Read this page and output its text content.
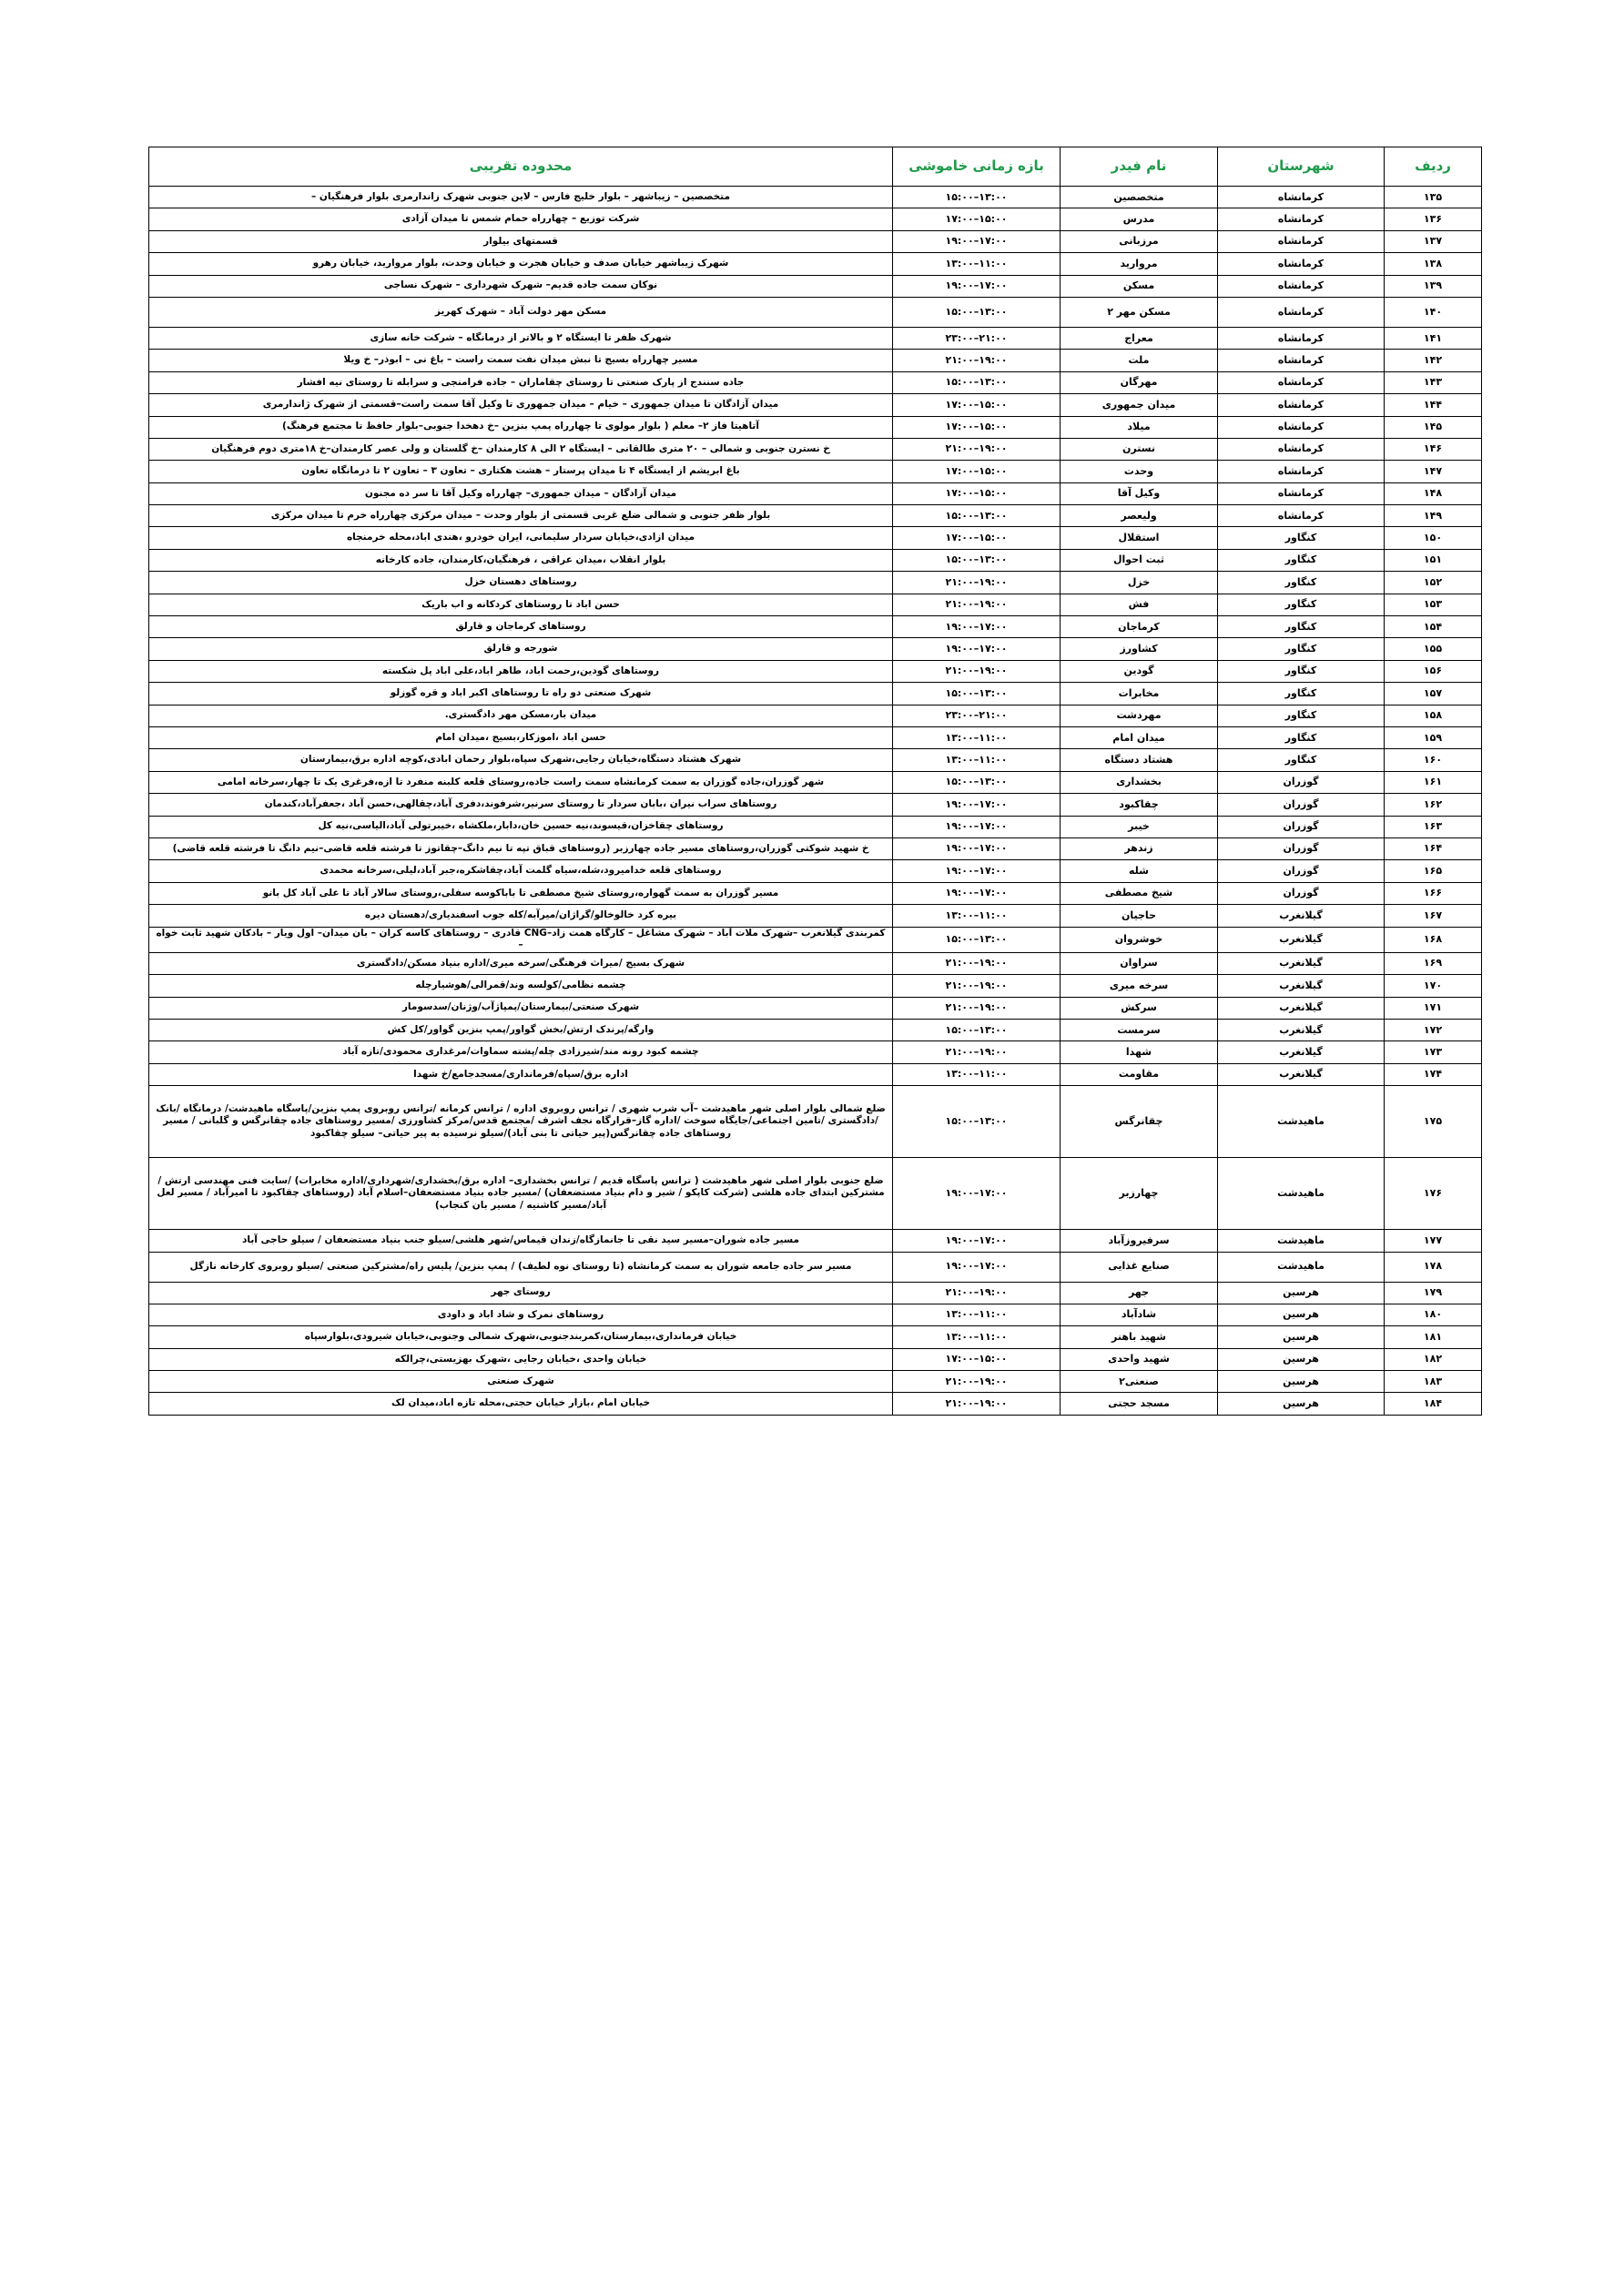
ردیف	شهرستان	نام فیدر	بازه زمانی خاموشی	محدوده تقریبی
۱۳۵	کرمانشاه	متخصصین	۱۳:۰۰–۱۵:۰۰	متخصصین – زیباشهر – بلوار خلیج فارس – لاین جنوبی شهرک زاندارمری بلوار فرهنگیان –
۱۳۶	کرمانشاه	مدرس	۱۵:۰۰–۱۷:۰۰	شرکت توزیع – چهارراه حمام شمس تا میدان آزادی
۱۳۷	کرمانشاه	مرزبانی	۱۷:۰۰–۱۹:۰۰	قسمتهای بیلوار
۱۳۸	کرمانشاه	مروارید	۱۱:۰۰–۱۳:۰۰	شهرک زیباشهر خیابان صدف و خیابان هجرت و خیابان وحدت، بلوار مروارید، خیابان رهرو
۱۳۹	کرمانشاه	مسکن	۱۷:۰۰–۱۹:۰۰	نوکان سمت جاده قدیم– شهرک شهرداری – شهرک نساجی
۱۴۰	کرمانشاه	مسکن مهر ۲	۱۳:۰۰–۱۵:۰۰	مسکن مهر دولت آباد – شهرک کهریز
۱۴۱	کرمانشاه	معراج	۲۱:۰۰–۲۳:۰۰	شهرک ظفر تا ایستگاه ۲ و بالاتر از درمانگاه – شرکت خانه سازی
۱۴۲	کرمانشاه	ملت	۱۹:۰۰–۲۱:۰۰	مسیر چهارراه بسیج تا نبش میدان نفت سمت راست – باغ نی – ابوذر– خ ویلا
۱۴۳	کرمانشاه	مهرگان	۱۳:۰۰–۱۵:۰۰	جاده سنندج از پارک صنعتی تا روستای چقاماران – جاده فرامنجی و سرابله تا روستای نیه افشار
۱۴۴	کرمانشاه	میدان جمهوری	۱۵:۰۰–۱۷:۰۰	میدان آزادگان تا میدان جمهوری – خیام – میدان جمهوری تا وکیل آقا سمت راست–قسمتی از شهرک ژاندارمری
۱۴۵	کرمانشاه	میلاد	۱۵:۰۰–۱۷:۰۰	آتاهیتا فاز ۲– معلم ( بلوار مولوی تا چهارراه پمپ بنزین –خ دهخدا جنوبی–بلوار حافظ تا مجتمع فرهنگ)
۱۴۶	کرمانشاه	نسترن	۱۹:۰۰–۲۱:۰۰	خ نسترن جنوبی و شمالی – ۲۰ متری طالقانی – ایستگاه ۲ الی ۸ کارمندان –خ گلستان و ولی عصر کارمندان–خ ۱۸متری دوم فرهنگیان
۱۴۷	کرمانشاه	وحدت	۱۵:۰۰–۱۷:۰۰	باغ ابریشم از ایستگاه ۴ تا میدان پرستار – هشت هکتاری – تعاون ۳ – تعاون ۲ تا درمانگاه تعاون
۱۴۸	کرمانشاه	وکیل آقا	۱۵:۰۰–۱۷:۰۰	میدان آزادگان – میدان جمهوری– چهارراه وکیل آقا تا سر ده مجنون
۱۴۹	کرمانشاه	ولیعصر	۱۳:۰۰–۱۵:۰۰	بلوار ظفر جنوبی و شمالی ضلع غربی قسمتی از بلوار وحدت – میدان مرکزی چهارراه خرم تا میدان مرکزی
۱۵۰	کنگاور	استقلال	۱۵:۰۰–۱۷:۰۰	میدان ازادی،خیابان سردار سلیمانی، ایران خودرو ،هندی اباد،محله خرمنجاه
۱۵۱	کنگاور	ثبت احوال	۱۳:۰۰–۱۵:۰۰	بلوار انقلاب ،میدان عراقی ، فرهنگیان،کارمندان، جاده کارخانه
۱۵۲	کنگاور	خزل	۱۹:۰۰–۲۱:۰۰	روستاهای دهستان خزل
۱۵۳	کنگاور	فش	۱۹:۰۰–۲۱:۰۰	حسن اباد تا روستاهای کردکانه و اب باریک
۱۵۴	کنگاور	کرماجان	۱۷:۰۰–۱۹:۰۰	روستاهای کرماجان و قارلق
۱۵۵	کنگاور	کشاورز	۱۷:۰۰–۱۹:۰۰	شورجه و قارلق
۱۵۶	کنگاور	گودین	۱۹:۰۰–۲۱:۰۰	روستاهای گودین،رحمت اباد، طاهر اباد،علی اباد پل شکسته
۱۵۷	کنگاور	مخابرات	۱۳:۰۰–۱۵:۰۰	شهرک صنعتی دو راه تا روستاهای اکبر اباد و قره گوزلو
۱۵۸	کنگاور	مهردشت	۲۱:۰۰–۲۳:۰۰	میدان بار،مسکن مهر دادگستری.
۱۵۹	کنگاور	میدان امام	۱۱:۰۰–۱۳:۰۰	حسن اباد ،اموزکار،بسیج ،میدان امام
۱۶۰	کنگاور	هشتاد دستگاه	۱۱:۰۰–۱۳:۰۰	شهرک هشتاد دستگاه،خیابان رجایی،شهرک سپاه،بلوار رحمان ابادی،کوچه اداره برق،بیمارستان
۱۶۱	گوزران	بخشداری	۱۳:۰۰–۱۵:۰۰	شهر گوزران،جاده گوزران به سمت کرمانشاه سمت راست جاده،روستای قلعه کلبنه منفرد تا ازه،فرغری یک تا چهار،سرخانه امامی
۱۶۲	گوزران	چقاکبود	۱۷:۰۰–۱۹:۰۰	روستاهای سراب نیران ،بابان سردار تا روستای سرنیر،شرفوند،دفری آباد،چقالهی،حسن آباد ،جعفرآباد،کندمان
۱۶۳	گوزران	خیبر	۱۷:۰۰–۱۹:۰۰	روستاهای چقاخزان،قیسوند،نیه حسین خان،دابار،ملکشاه ،خیبرتولی آباد،الیاسی،نیه کل
۱۶۴	گوزران	زندهر	۱۷:۰۰–۱۹:۰۰	خ شهید شوکتی گوزران،روستاهای مسیر جاده چهارزبر (روستاهای قباق تپه تا نیم دانگ–چقاتوز تا فرشته قلعه قاضی–نیم دانگ تا فرشته قلعه قاضی)
۱۶۵	گوزران	شله	۱۷:۰۰–۱۹:۰۰	روستاهای قلعه خدامیرود،شله،سیاه گلمت آباد،چقاشکره،جبر آباد،لیلی،سرخانه محمدی
۱۶۶	گوزران	شیخ مصطفی	۱۷:۰۰–۱۹:۰۰	مسیر گوزران به سمت گهواره،روستای شیخ مصطفی تا باباکوسه سفلی،روستای سالار آباد تا علی آباد کل بانو
۱۶۷	گیلانغرب	حاجیان	۱۱:۰۰–۱۳:۰۰	بیره کرد خالوخالو/گراژان/میرآبه/کله جوب اسفندیاری/دهستان دیره
۱۶۸	گیلانغرب	خوشروان	۱۳:۰۰–۱۵:۰۰	کمربندی گیلانغرب –شهرک ملات آباد – شهرک مشاغل – کارگاه همت زاد–CNG قادری – روستاهای کاسه کران – بان میدان– اول ویار – بادکان شهید ثابت خواه –
۱۶۹	گیلانغرب	سراوان	۱۹:۰۰–۲۱:۰۰	شهرک بسیج /میراث فرهنگی/سرخه میری/اداره بنیاد مسکن/دادگستری
۱۷۰	گیلانغرب	سرخه میری	۱۹:۰۰–۲۱:۰۰	چشمه نظامی/کولسه وند/قمرالی/هوشیارچله
۱۷۱	گیلانغرب	سرکش	۱۹:۰۰–۲۱:۰۰	شهرک صنعتی/بیمارستان/پمپاژآب/وژنان/سدسومار
۱۷۲	گیلانغرب	سرمست	۱۳:۰۰–۱۵:۰۰	وارگه/پرندک ارتش/بخش گواور/پمپ بنزین گواور/کل کش
۱۷۳	گیلانغرب	شهدا	۱۹:۰۰–۲۱:۰۰	چشمه کبود رونه مند/شیرزادی چله/پشته سماوات/مرغداری محمودی/تازه آباد
۱۷۴	گیلانغرب	مقاومت	۱۱:۰۰–۱۳:۰۰	اداره برق/سپاه/فرمانداری/مسجدجامع/خ شهدا
۱۷۵	ماهیدشت	چقانرگس	۱۳:۰۰–۱۵:۰۰	ضلع شمالی بلوار اصلی شهر ماهیدشت –آب شرب شهری / ترانس روبروی اداره / ترانس کرمانه /ترانس روبروی پمپ بنزین/پاسگاه ماهیدشت/ درمانگاه /بانک /دادگستری /تامین اجتماعی/جایگاه سوخت /اداره گاز–قرارگاه نجف اشرف /مجتمع قدس/مرکز کشاورزی /مسیر روستاهای جاده چقانرگس و گلبانی / مسیر روستاهای جاده چقانرگس(پیر حیاتی تا بنی آباد)/سیلو نرسیده به پیر حیاتی– سیلو چقاکبود
۱۷۶	ماهیدشت	چهارزبر	۱۷:۰۰–۱۹:۰۰	ضلع جنوبی بلوار اصلی شهر ماهیدشت ( ترانس پاسگاه قدیم / ترانس بخشداری– اداره برق/بخشداری/شهرداری/اداره مخابرات) /سایت فنی مهندسی ارتش / مشترکین ابتدای جاده هلشی (شرکت کاپکو / شیر و دام بنیاد مستضعفان) /مسیر جاده بنیاد مستضعفان–اسلام آباد (روستاهای چقاکبود تا امیرآباد / مسیر لعل آباد/مسیر کاشنیه / مسیر بان کنجاب)
۱۷۷	ماهیدشت	سرفیروزآباد	۱۷:۰۰–۱۹:۰۰	مسیر جاده شوران–مسیر سید نقی تا جانمازگاه/زندان قیماس/شهر هلشی/سیلو جنب بنیاد مستضعفان / سیلو حاجی آباد
۱۷۸	ماهیدشت	صنایع غذایی	۱۷:۰۰–۱۹:۰۰	مسیر سر جاده جامعه شوران به سمت کرمانشاه (تا روستای نوه لطیف) / پمپ بنزین/ پلیس راه/مشترکین صنعتی /سیلو روبروی کارخانه نازگل
۱۷۹	هرسین	جهر	۱۹:۰۰–۲۱:۰۰	روستای جهر
۱۸۰	هرسین	شادآباد	۱۱:۰۰–۱۳:۰۰	روستاهای نمرک و شاد اباد و داودی
۱۸۱	هرسین	شهید باهنر	۱۱:۰۰–۱۳:۰۰	خیابان فرمانداری،بیمارستان،کمربندجنوبی،شهرک شمالی وجنوبی،خیابان شیرودی،بلوارسپاه
۱۸۲	هرسین	شهید واحدی	۱۵:۰۰–۱۷:۰۰	خیابان واحدی ،خیابان رجایی ،شهرک بهزیستی،چرالکه
۱۸۳	هرسین	صنعتی۲	۱۹:۰۰–۲۱:۰۰	شهرک صنعتی
۱۸۴	هرسین	مسجد حجتی	۱۹:۰۰–۲۱:۰۰	خیابان امام ،بازار خیابان حجتی،محله تازه اباد،میدان لک
